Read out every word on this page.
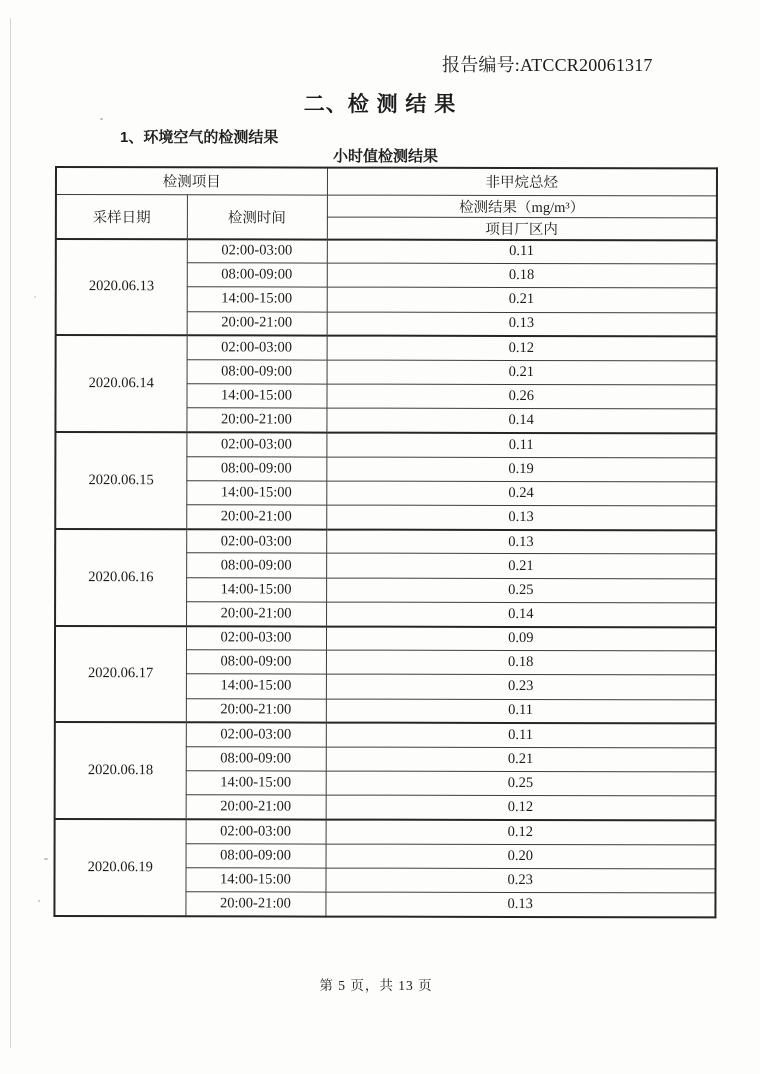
报告编号:ATCCR20061317
二、检 测 结 果
1、环境空气的检测结果
小时值检测结果
检测项目		非甲烷总烃
采样日期	检测时间	检测结果（mg/m³）
		项目厂区内
2020.06.13	02:00-03:00	0.11
	08:00-09:00	0.18
	14:00-15:00	0.21
	20:00-21:00	0.13
2020.06.14	02:00-03:00	0.12
	08:00-09:00	0.21
	14:00-15:00	0.26
	20:00-21:00	0.14
2020.06.15	02:00-03:00	0.11
	08:00-09:00	0.19
	14:00-15:00	0.24
	20:00-21:00	0.13
2020.06.16	02:00-03:00	0.13
	08:00-09:00	0.21
	14:00-15:00	0.25
	20:00-21:00	0.14
2020.06.17	02:00-03:00	0.09
	08:00-09:00	0.18
	14:00-15:00	0.23
	20:00-21:00	0.11
2020.06.18	02:00-03:00	0.11
	08:00-09:00	0.21
	14:00-15:00	0.25
	20:00-21:00	0.12
2020.06.19	02:00-03:00	0.12
	08:00-09:00	0.20
	14:00-15:00	0.23
	20:00-21:00	0.13
第 5 页，共 13 页
